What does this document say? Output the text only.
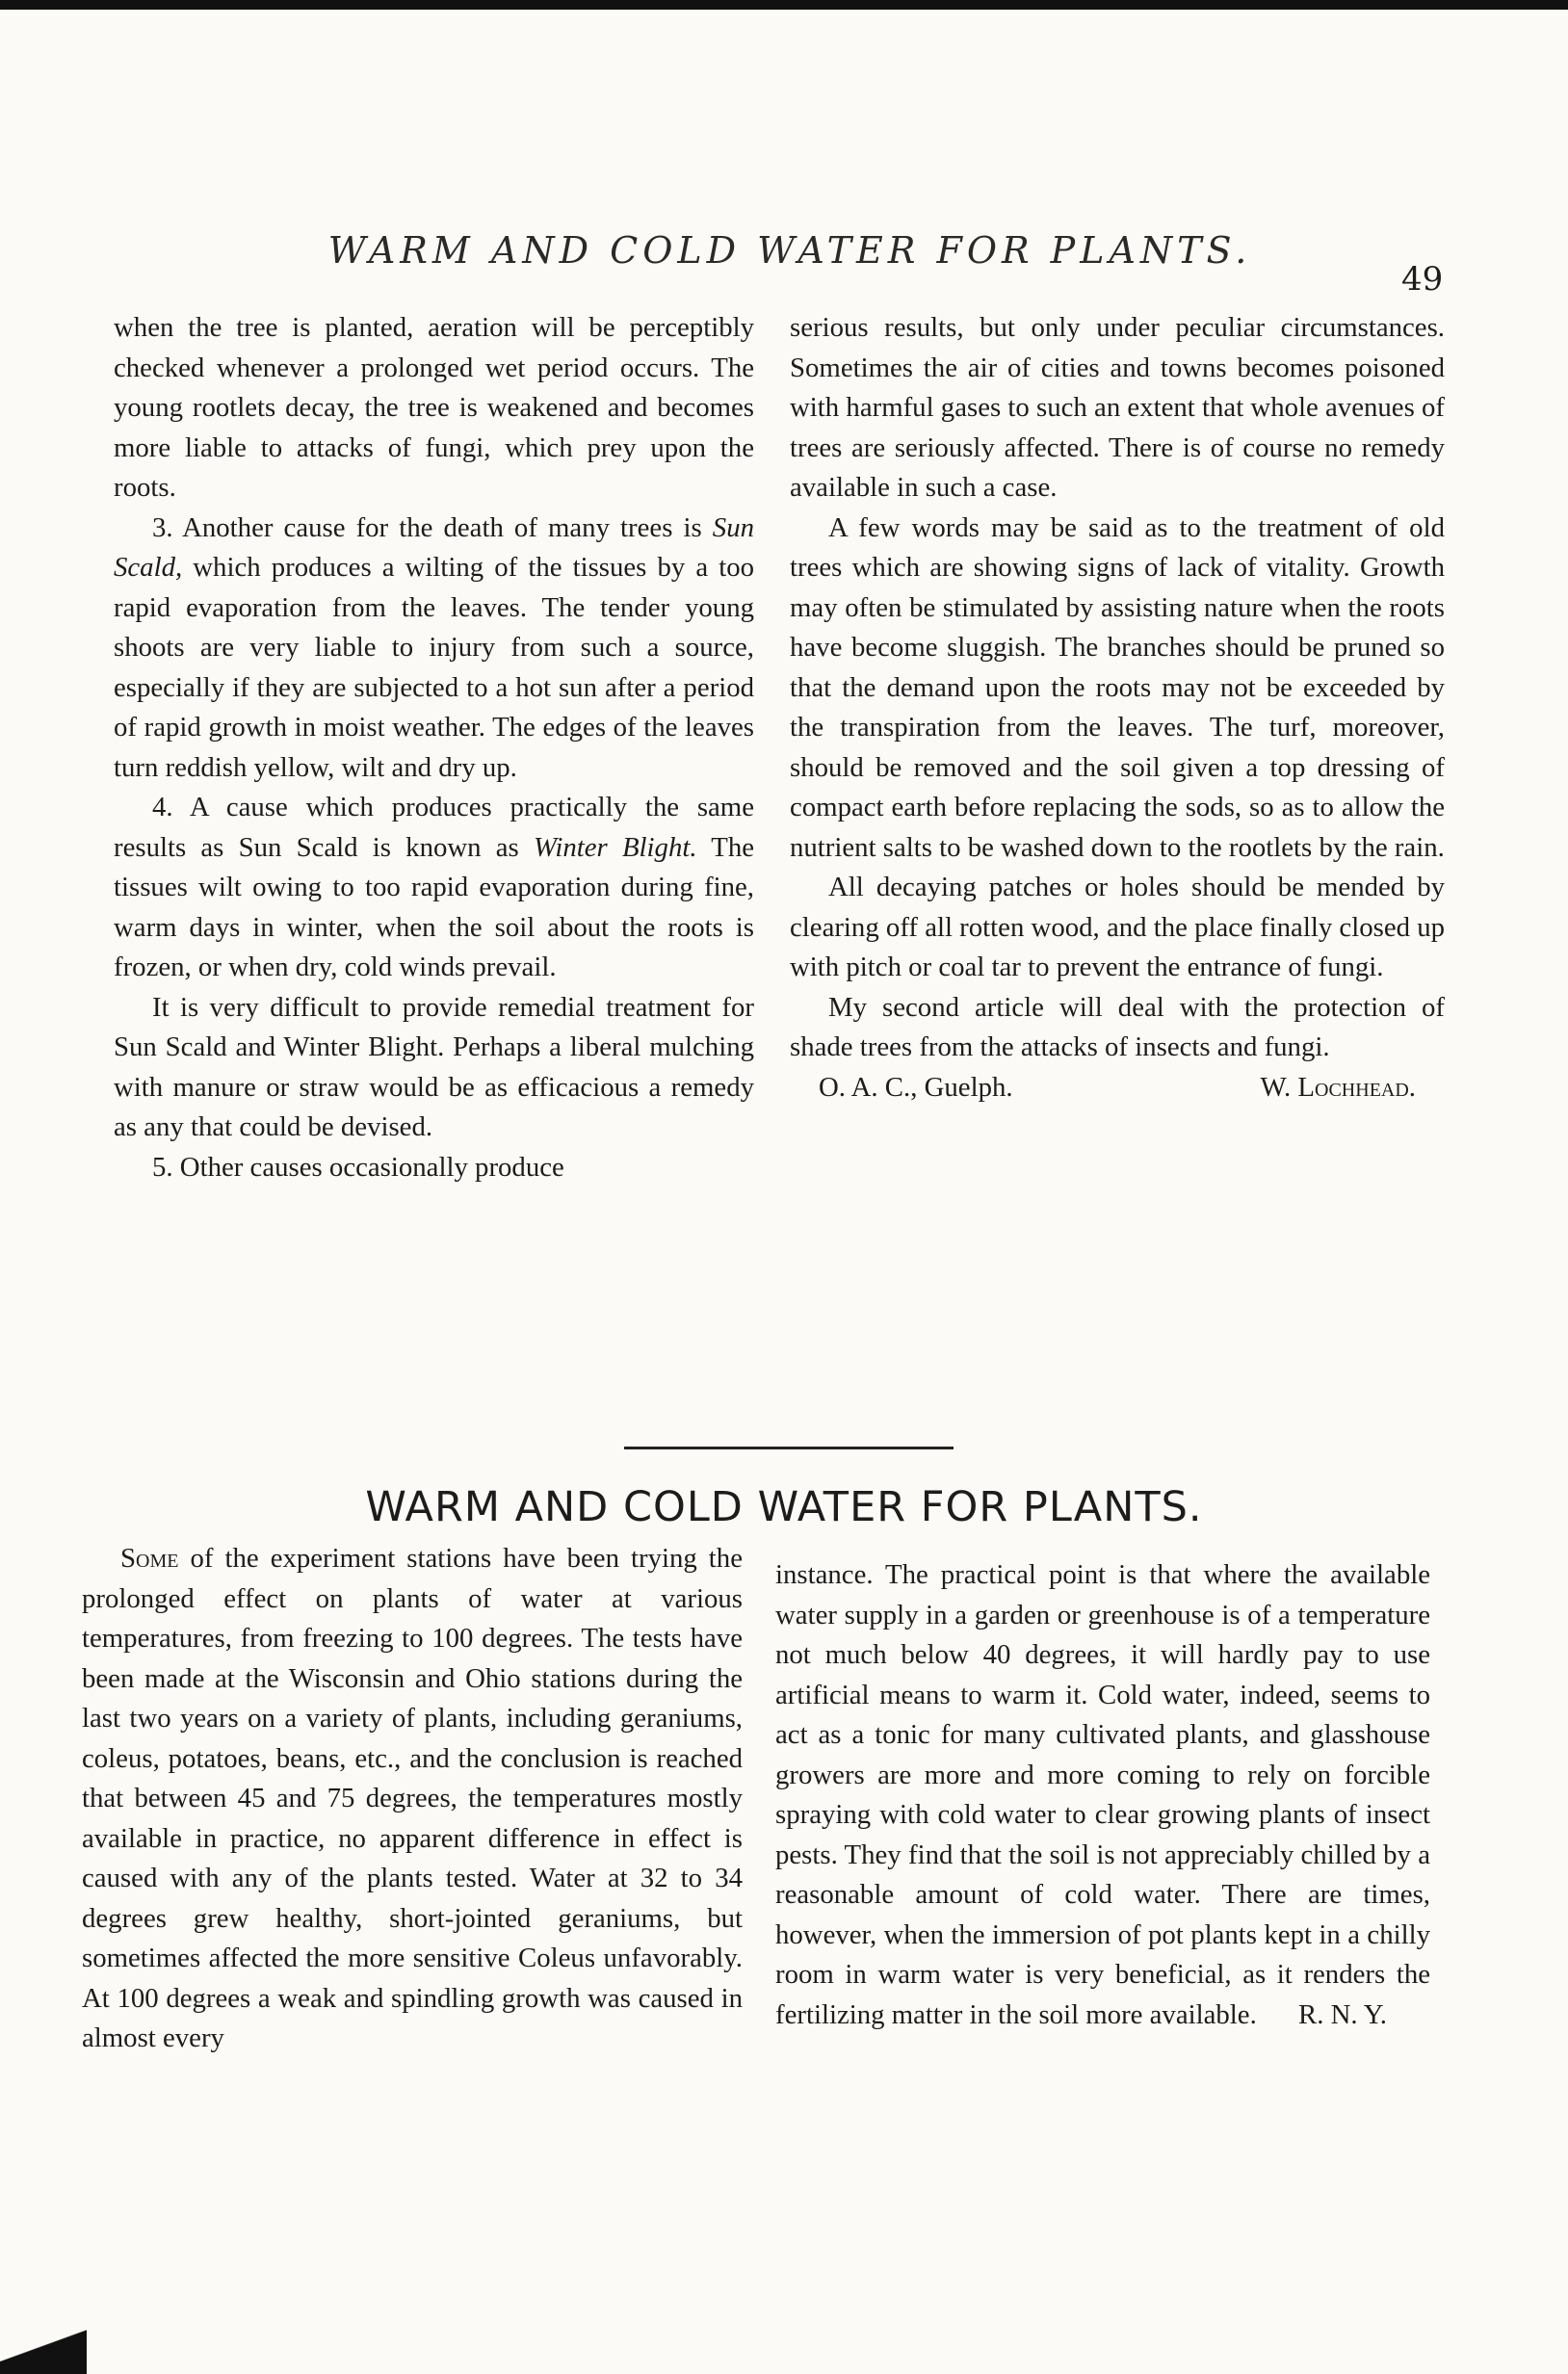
WARM AND COLD WATER FOR PLANTS.
49

when the tree is planted, aeration will be perceptibly checked whenever a prolonged wet period occurs. The young rootlets decay, the tree is weakened and becomes more liable to attacks of fungi, which prey upon the roots.

3. Another cause for the death of many trees is Sun Scald, which produces a wilting of the tissues by a too rapid evaporation from the leaves. The tender young shoots are very liable to injury from such a source, especially if they are subjected to a hot sun after a period of rapid growth in moist weather. The edges of the leaves turn reddish yellow, wilt and dry up.

4. A cause which produces practically the same results as Sun Scald is known as Winter Blight. The tissues wilt owing to too rapid evaporation during fine, warm days in winter, when the soil about the roots is frozen, or when dry, cold winds prevail.

It is very difficult to provide remedial treatment for Sun Scald and Winter Blight. Perhaps a liberal mulching with manure or straw would be as efficacious a remedy as any that could be devised.

5. Other causes occasionally produce

serious results, but only under peculiar circumstances. Sometimes the air of cities and towns becomes poisoned with harmful gases to such an extent that whole avenues of trees are seriously affected. There is of course no remedy available in such a case.

A few words may be said as to the treatment of old trees which are showing signs of lack of vitality. Growth may often be stimulated by assisting nature when the roots have become sluggish. The branches should be pruned so that the demand upon the roots may not be exceeded by the transpiration from the leaves. The turf, moreover, should be removed and the soil given a top dressing of compact earth before replacing the sods, so as to allow the nutrient salts to be washed down to the rootlets by the rain.

All decaying patches or holes should be mended by clearing off all rotten wood, and the place finally closed up with pitch or coal tar to prevent the entrance of fungi.

My second article will deal with the protection of shade trees from the attacks of insects and fungi.

O. A. C., Guelph.	W. Lochhead.
WARM AND COLD WATER FOR PLANTS.

Some of the experiment stations have been trying the prolonged effect on plants of water at various temperatures, from freezing to 100 degrees. The tests have been made at the Wisconsin and Ohio stations during the last two years on a variety of plants, including geraniums, coleus, potatoes, beans, etc., and the conclusion is reached that between 45 and 75 degrees, the temperatures mostly available in practice, no apparent difference in effect is caused with any of the plants tested. Water at 32 to 34 degrees grew healthy, short-jointed geraniums, but sometimes affected the more sensitive Coleus unfavorably. At 100 degrees a weak and spindling growth was caused in almost every

instance. The practical point is that where the available water supply in a garden or greenhouse is of a temperature not much below 40 degrees, it will hardly pay to use artificial means to warm it. Cold water, indeed, seems to act as a tonic for many cultivated plants, and glasshouse growers are more and more coming to rely on forcible spraying with cold water to clear growing plants of insect pests. They find that the soil is not appreciably chilled by a reasonable amount of cold water. There are times, however, when the immersion of pot plants kept in a chilly room in warm water is very beneficial, as it renders the fertilizing matter in the soil more available. R. N. Y.
